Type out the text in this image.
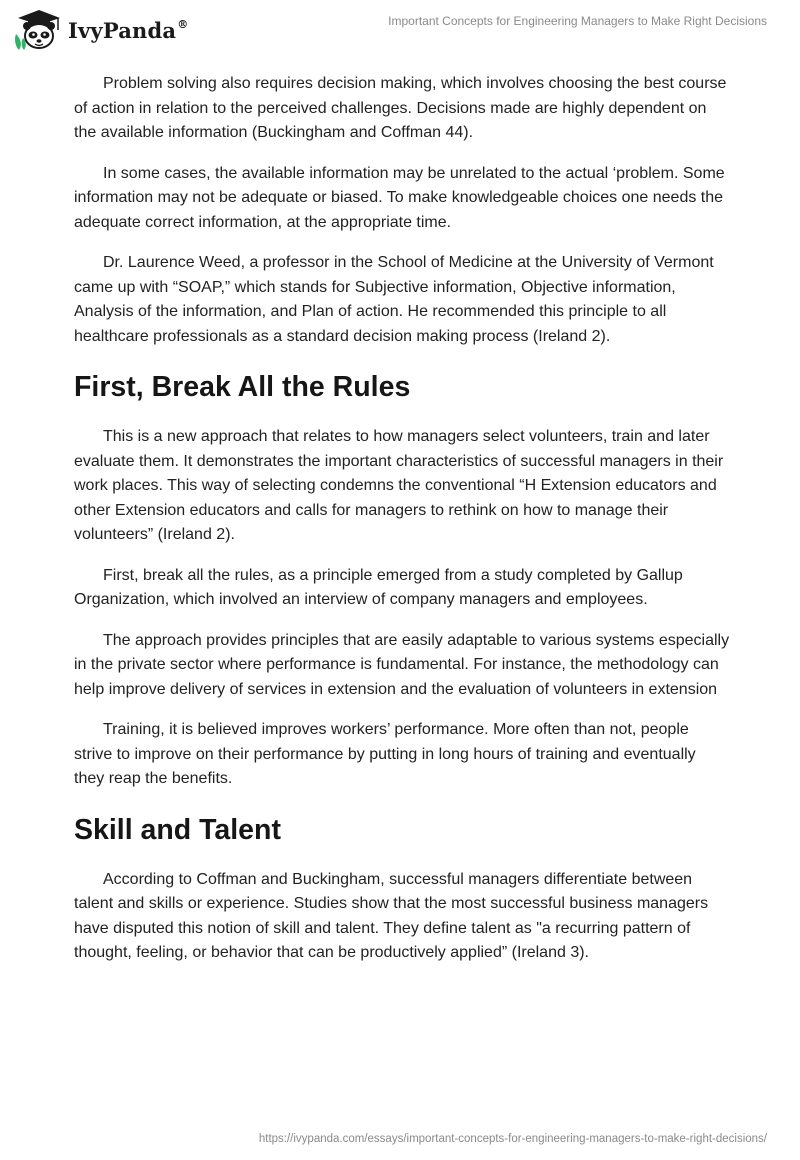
IvyPanda®	Important Concepts for Engineering Managers to Make Right Decisions

Problem solving also requires decision making, which involves choosing the best course of action in relation to the perceived challenges. Decisions made are highly dependent on the available information (Buckingham and Coffman 44).

In some cases, the available information may be unrelated to the actual ‘problem. Some information may not be adequate or biased. To make knowledgeable choices one needs the adequate correct information, at the appropriate time.

Dr. Laurence Weed, a professor in the School of Medicine at the University of Vermont came up with “SOAP,” which stands for Subjective information, Objective information, Analysis of the information, and Plan of action. He recommended this principle to all healthcare professionals as a standard decision making process (Ireland 2).

First, Break All the Rules

This is a new approach that relates to how managers select volunteers, train and later evaluate them. It demonstrates the important characteristics of successful managers in their work places. This way of selecting condemns the conventional “H Extension educators and other Extension educators and calls for managers to rethink on how to manage their volunteers” (Ireland 2).

First, break all the rules, as a principle emerged from a study completed by Gallup Organization, which involved an interview of company managers and employees.

The approach provides principles that are easily adaptable to various systems especially in the private sector where performance is fundamental. For instance, the methodology can help improve delivery of services in extension and the evaluation of volunteers in extension

Training, it is believed improves workers’ performance. More often than not, people strive to improve on their performance by putting in long hours of training and eventually they reap the benefits.

Skill and Talent

According to Coffman and Buckingham, successful managers differentiate between talent and skills or experience. Studies show that the most successful business managers have disputed this notion of skill and talent. They define talent as "a recurring pattern of thought, feeling, or behavior that can be productively applied” (Ireland 3).

https://ivypanda.com/essays/important-concepts-for-engineering-managers-to-make-right-decisions/
